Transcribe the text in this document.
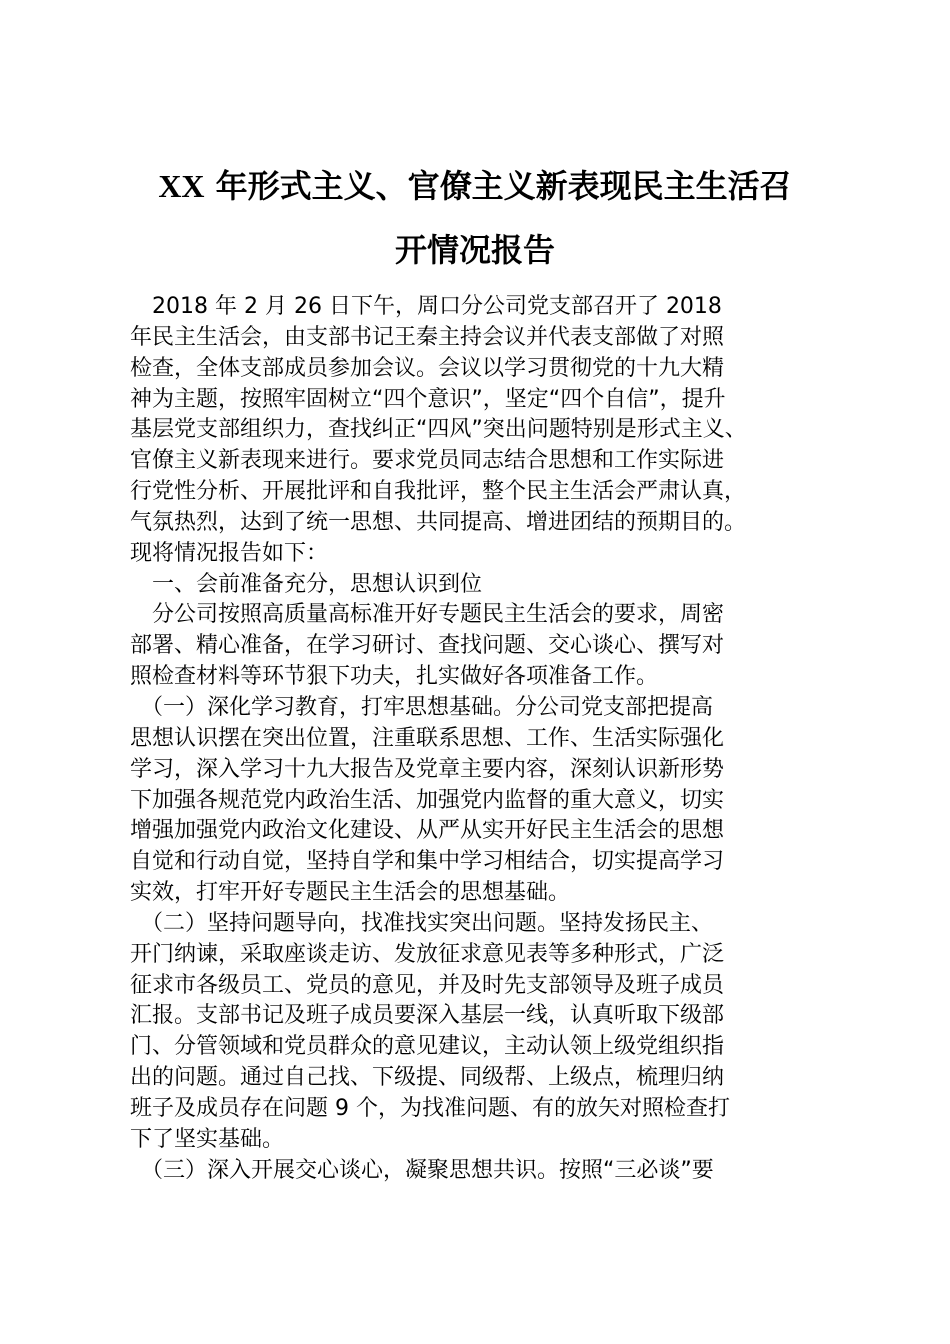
XX 年形式主义、官僚主义新表现民主生活召
开情况报告
　2018 年 2 月 26 日下午，周口分公司党支部召开了 2018
年民主生活会，由支部书记王秦主持会议并代表支部做了对照
检查，全体支部成员参加会议。会议以学习贯彻党的十九大精
神为主题，按照牢固树立“四个意识”，坚定“四个自信”，提升
基层党支部组织力，查找纠正“四风”突出问题特别是形式主义、
官僚主义新表现来进行。要求党员同志结合思想和工作实际进
行党性分析、开展批评和自我批评，整个民主生活会严肃认真，
气氛热烈，达到了统一思想、共同提高、增进团结的预期目的。
现将情况报告如下：
　一、会前准备充分，思想认识到位
　分公司按照高质量高标准开好专题民主生活会的要求，周密
部署、精心准备，在学习研讨、查找问题、交心谈心、撰写对
照检查材料等环节狠下功夫，扎实做好各项准备工作。
　（一）深化学习教育，打牢思想基础。分公司党支部把提高
思想认识摆在突出位置，注重联系思想、工作、生活实际强化
学习，深入学习十九大报告及党章主要内容，深刻认识新形势
下加强各规范党内政治生活、加强党内监督的重大意义，切实
增强加强党内政治文化建设、从严从实开好民主生活会的思想
自觉和行动自觉，坚持自学和集中学习相结合，切实提高学习
实效，打牢开好专题民主生活会的思想基础。
　（二）坚持问题导向，找准找实突出问题。坚持发扬民主、
开门纳谏，采取座谈走访、发放征求意见表等多种形式，广泛
征求市各级员工、党员的意见，并及时先支部领导及班子成员
汇报。支部书记及班子成员要深入基层一线，认真听取下级部
门、分管领域和党员群众的意见建议，主动认领上级党组织指
出的问题。通过自己找、下级提、同级帮、上级点，梳理归纳
班子及成员存在问题 9 个，为找准问题、有的放矢对照检查打
下了坚实基础。
　（三）深入开展交心谈心，凝聚思想共识。按照“三必谈”要
